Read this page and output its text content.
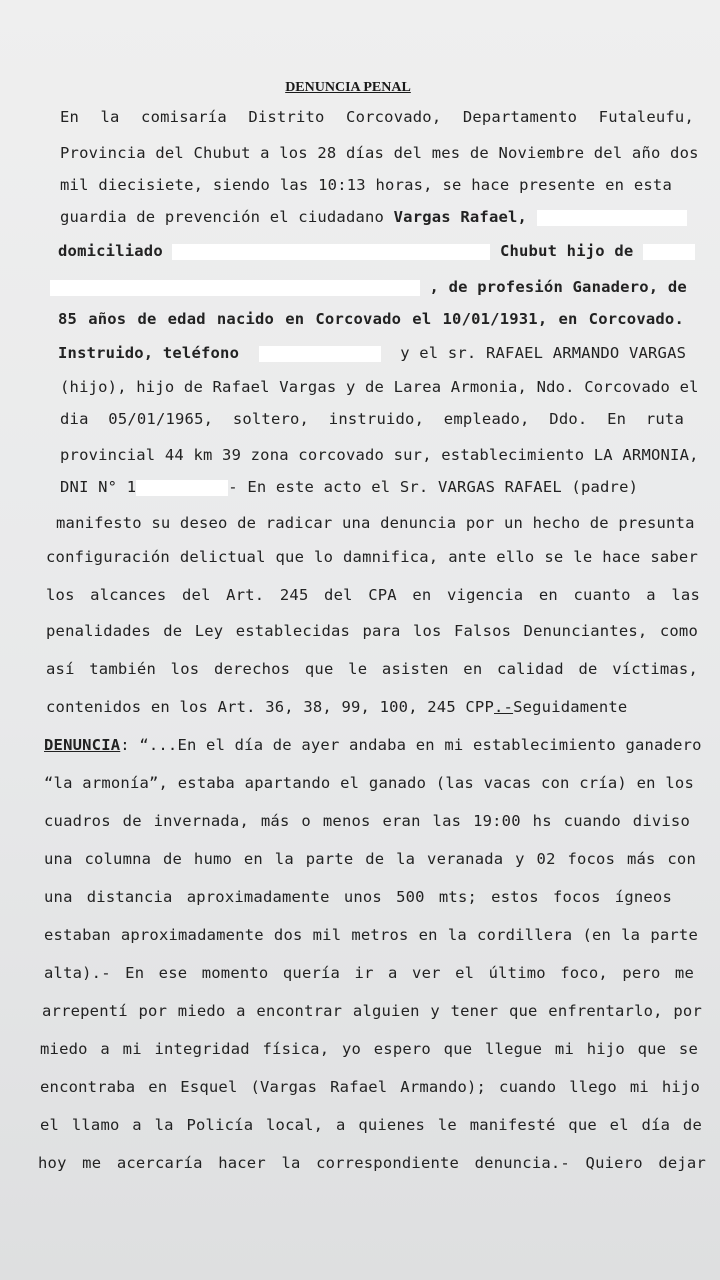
DENUNCIA PENAL
En la comisaría Distrito Corcovado, Departamento Futaleufu,
Provincia del Chubut a los 28 días del mes de Noviembre del año dos
mil diecisiete, siendo las 10:13 horas, se hace presente en esta
guardia de prevención el ciudadano Vargas Rafael,
domiciliado	Chubut hijo de
, de profesión Ganadero, de
85 años de edad nacido en Corcovado el 10/01/1931, en Corcovado.
Instruido, teléfono	y el sr. RAFAEL ARMANDO VARGAS
(hijo), hijo de Rafael Vargas y de Larea Armonia, Ndo. Corcovado el
dia 05/01/1965, soltero, instruido, empleado, Ddo. En ruta
provincial 44 km 39 zona corcovado sur, establecimiento LA ARMONIA,
DNI N° 1	- En este acto el Sr. VARGAS RAFAEL (padre)
manifesto su deseo de radicar una denuncia por un hecho de presunta
configuración delictual que lo damnifica, ante ello se le hace saber
los alcances del Art. 245 del CPA en vigencia en cuanto a las
penalidades de Ley establecidas para los Falsos Denunciantes, como
así también los derechos que le asisten en calidad de víctimas,
contenidos en los Art. 36, 38, 99, 100, 245 CPP.-Seguidamente
DENUNCIA: “...En el día de ayer andaba en mi establecimiento ganadero
“la armonía”, estaba apartando el ganado (las vacas con cría) en los
cuadros de invernada, más o menos eran las 19:00 hs cuando diviso
una columna de humo en la parte de la veranada y 02 focos más con
una distancia aproximadamente unos 500 mts; estos focos ígneos
estaban aproximadamente dos mil metros en la cordillera (en la parte
alta).- En ese momento quería ir a ver el último foco, pero me
arrepentí por miedo a encontrar alguien y tener que enfrentarlo, por
miedo a mi integridad física, yo espero que llegue mi hijo que se
encontraba en Esquel (Vargas Rafael Armando); cuando llego mi hijo
el llamo a la Policía local, a quienes le manifesté que el día de
hoy me acercaría hacer la correspondiente denuncia.- Quiero dejar
